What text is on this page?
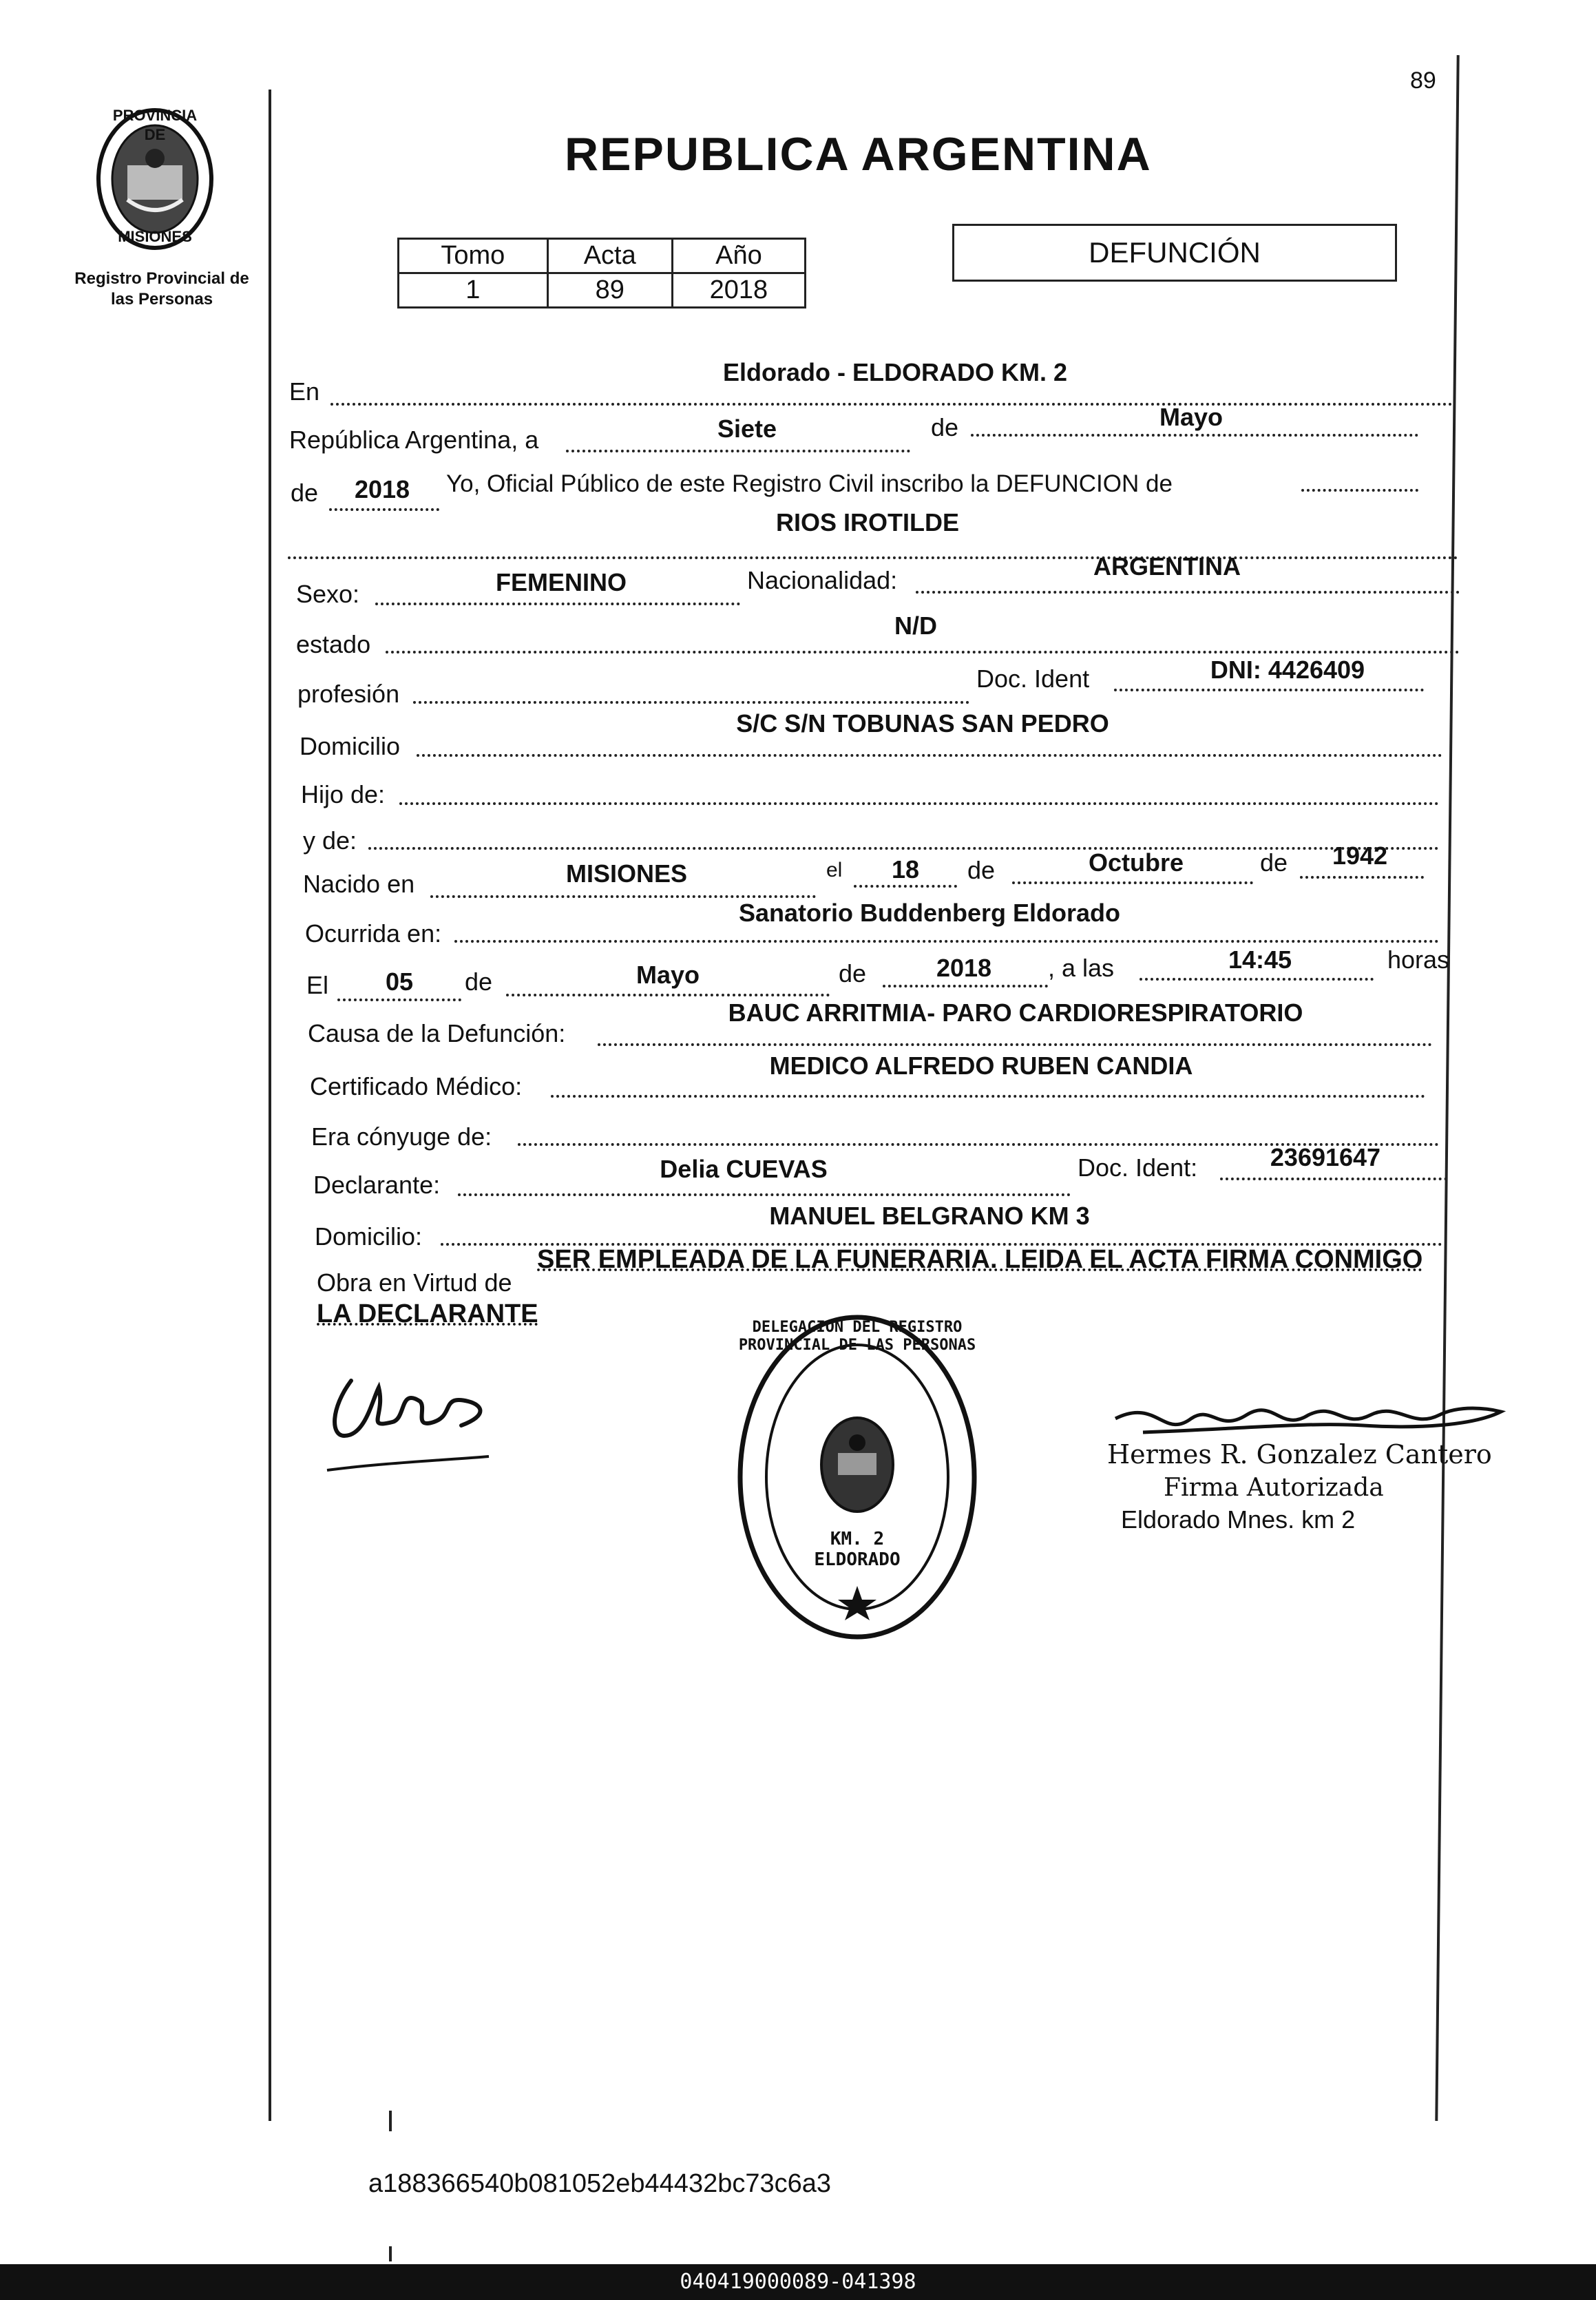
89
PROVINCIA DE
MISIONES
Registro Provincial de las Personas
REPUBLICA ARGENTINA
Tomo	Acta	Año
1	89	2018
DEFUNCIÓN
En
Eldorado - ELDORADO KM. 2
República Argentina, a	Siete	de	Mayo
de	2018	Yo, Oficial Público de este Registro Civil inscribo la DEFUNCION de
RIOS IROTILDE
Sexo:	FEMENINO	Nacionalidad:	ARGENTINA
estado
N/D
profesión
Doc. Ident	DNI: 4426409
Domicilio
S/C S/N TOBUNAS SAN PEDRO
Hijo de:
y de:
Nacido en	MISIONES	el	18	de	Octubre	de	1942
Ocurrida en:
Sanatorio Buddenberg Eldorado
El	05	de	Mayo	de	2018	, a las	14:45	horas
Causa de la Defunción:
BAUC ARRITMIA- PARO CARDIORESPIRATORIO
Certificado Médico:
MEDICO ALFREDO RUBEN CANDIA
Era cónyuge de:
Declarante:
Delia CUEVAS	Doc. Ident:	23691647
Domicilio:
MANUEL BELGRANO KM 3
Obra en Virtud de
SER EMPLEADA DE LA FUNERARIA. LEIDA EL ACTA FIRMA CONMIGO
LA DECLARANTE	DELEGACION DEL REGISTRO PROVINCIAL DE LAS PERSONAS
KM. 2 ELDORADO
Hermes R. Gonzalez Cantero
Firma Autorizada
Eldorado Mnes. km 2
a188366540b081052eb44432bc73c6a3
040419000089-041398
